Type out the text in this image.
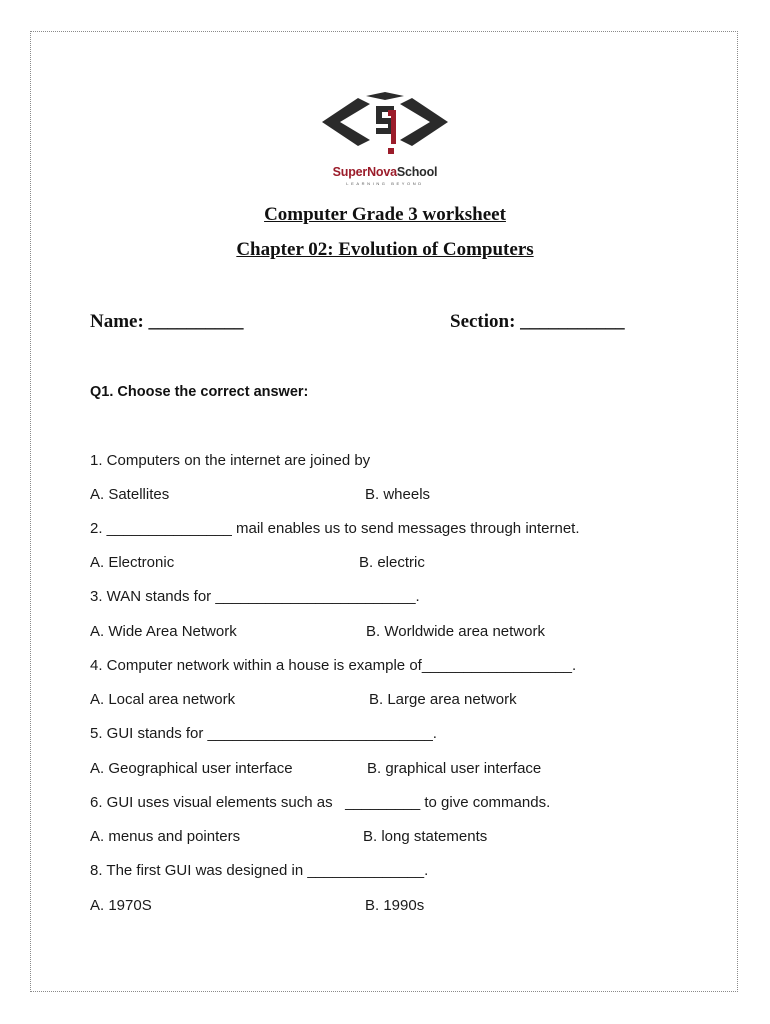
SuperNovaSchool
LEARNING BEYOND
Computer Grade 3 worksheet
Chapter 02: Evolution of Computers
Name: __________	Section: ___________
Q1. Choose the correct answer:
1. Computers on the internet are joined by
A. Satellites	B. wheels
2. _______________ mail enables us to send messages through internet.
A. Electronic	B. electric
3. WAN stands for ________________________.
A. Wide Area Network	B. Worldwide area network
4. Computer network within a house is example of__________________.
A. Local area network	B. Large area network
5. GUI stands for ___________________________.
A. Geographical user interface	B. graphical user interface
6. GUI uses visual elements such as   _________ to give commands.
A. menus and pointers	B. long statements
8. The first GUI was designed in ______________.
A. 1970S	B. 1990s
